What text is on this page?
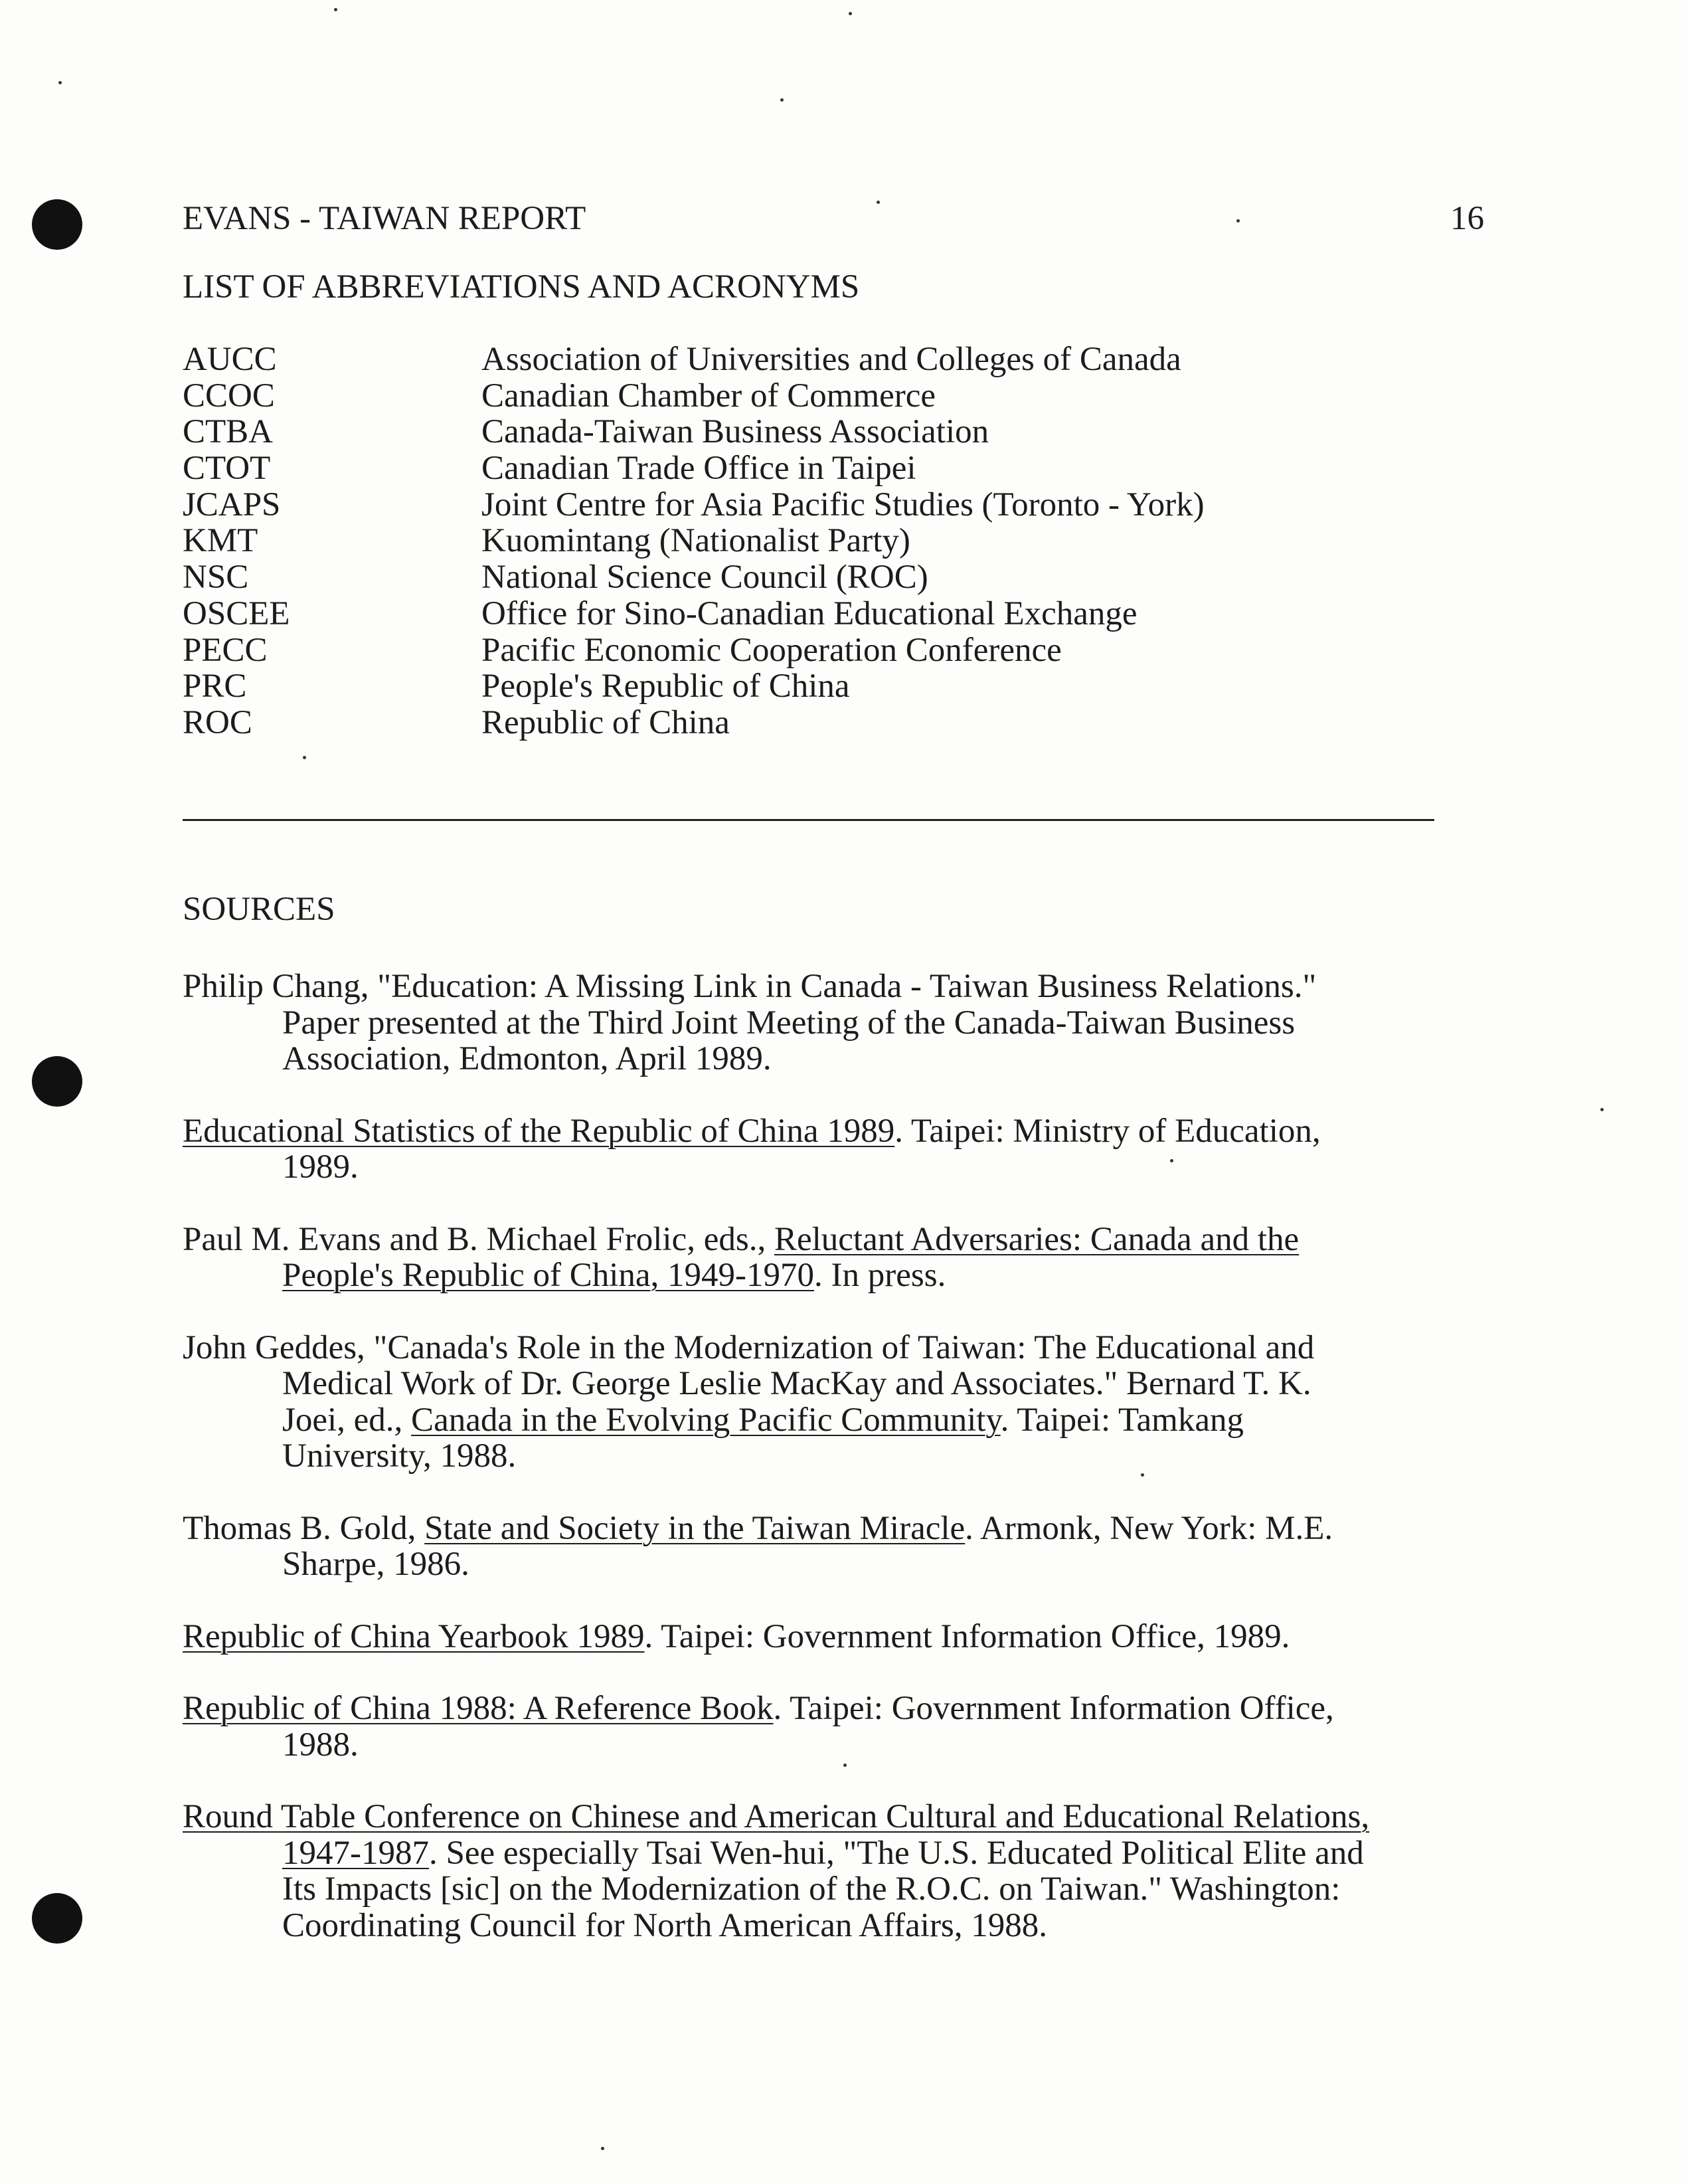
EVANS - TAIWAN REPORT	16
LIST OF ABBREVIATIONS AND ACRONYMS
AUCC	Association of Universities and Colleges of Canada
CCOC	Canadian Chamber of Commerce
CTBA	Canada-Taiwan Business Association
CTOT	Canadian Trade Office in Taipei
JCAPS	Joint Centre for Asia Pacific Studies (Toronto - York)
KMT	Kuomintang (Nationalist Party)
NSC	National Science Council (ROC)
OSCEE	Office for Sino-Canadian Educational Exchange
PECC	Pacific Economic Cooperation Conference
PRC	People's Republic of China
ROC	Republic of China
SOURCES
Philip Chang, "Education: A Missing Link in Canada - Taiwan Business Relations."
Paper presented at the Third Joint Meeting of the Canada-Taiwan Business
Association, Edmonton, April 1989.
Educational Statistics of the Republic of China 1989. Taipei: Ministry of Education,
1989.
Paul M. Evans and B. Michael Frolic, eds., Reluctant Adversaries: Canada and the
People's Republic of China, 1949-1970. In press.
John Geddes, "Canada's Role in the Modernization of Taiwan: The Educational and
Medical Work of Dr. George Leslie MacKay and Associates." Bernard T. K.
Joei, ed., Canada in the Evolving Pacific Community. Taipei: Tamkang
University, 1988.
Thomas B. Gold, State and Society in the Taiwan Miracle. Armonk, New York: M.E.
Sharpe, 1986.
Republic of China Yearbook 1989. Taipei: Government Information Office, 1989.
Republic of China 1988: A Reference Book. Taipei: Government Information Office,
1988.
Round Table Conference on Chinese and American Cultural and Educational Relations,
1947-1987. See especially Tsai Wen-hui, "The U.S. Educated Political Elite and
Its Impacts [sic] on the Modernization of the R.O.C. on Taiwan." Washington:
Coordinating Council for North American Affairs, 1988.
